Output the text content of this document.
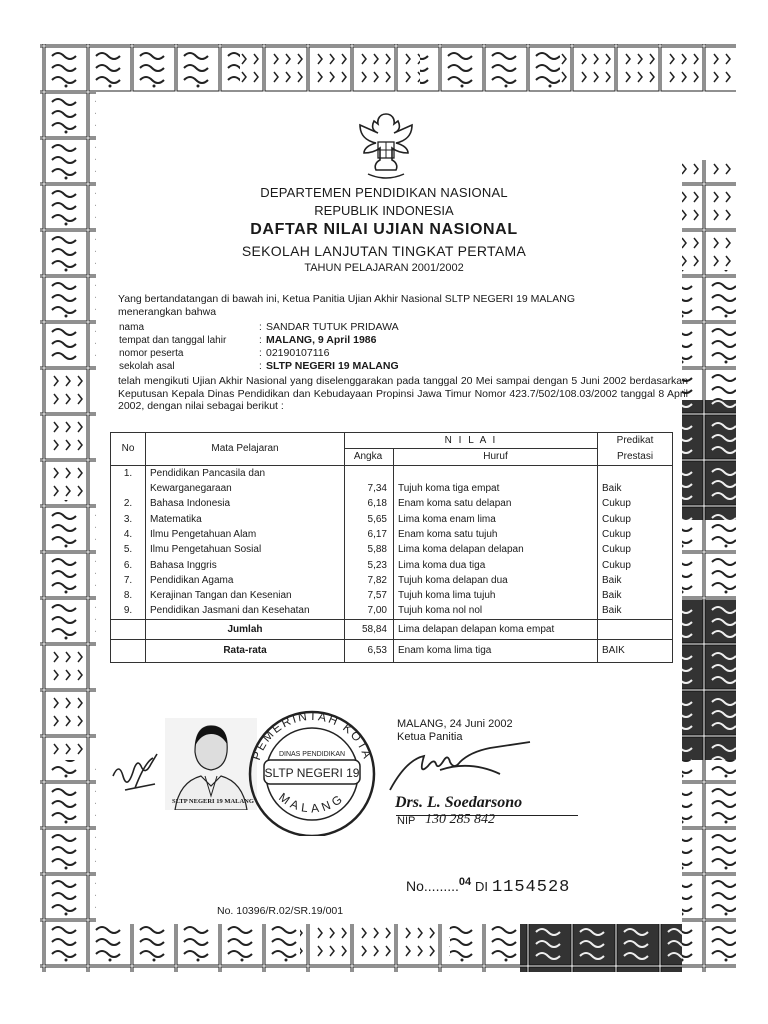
DEPARTEMEN PENDIDIKAN NASIONAL
REPUBLIK INDONESIA
DAFTAR NILAI UJIAN NASIONAL
SEKOLAH LANJUTAN TINGKAT PERTAMA
TAHUN PELAJARAN 2001/2002
Yang bertandatangan di bawah ini, Ketua Panitia Ujian Akhir Nasional SLTP NEGERI 19 MALANG
menerangkan bahwa
nama	: SANDAR TUTUK PRIDAWA
tempat dan tanggal lahir	: MALANG, 9 April 1986
nomor peserta	: 02190107116
sekolah asal	: SLTP NEGERI 19 MALANG
telah mengikuti Ujian Akhir Nasional yang diselenggarakan pada tanggal 20 Mei sampai dengan 5 Juni 2002 berdasarkan Keputusan Kepala Dinas Pendidikan dan Kebudayaan Propinsi Jawa Timur Nomor 423.7/502/108.03/2002 tanggal 8 April 2002, dengan nilai sebagai berikut :
No	Mata Pelajaran	N I L A I		Predikat
		Angka	Huruf	Prestasi
1.	Pendidikan Pancasila dan			
	Kewarganegaraan	7,34	Tujuh koma tiga empat	Baik
2.	Bahasa Indonesia	6,18	Enam koma satu delapan	Cukup
3.	Matematika	5,65	Lima koma enam lima	Cukup
4.	Ilmu Pengetahuan Alam	6,17	Enam koma satu tujuh	Cukup
5.	Ilmu Pengetahuan Sosial	5,88	Lima koma delapan delapan	Cukup
6.	Bahasa Inggris	5,23	Lima koma dua tiga	Cukup
7.	Pendidikan Agama	7,82	Tujuh koma delapan dua	Baik
8.	Kerajinan Tangan dan Kesenian	7,57	Tujuh koma lima tujuh	Baik
9.	Pendidikan Jasmani dan Kesehatan	7,00	Tujuh koma nol nol	Baik
	Jumlah	58,84	Lima delapan delapan koma empat	
	Rata-rata	6,53	Enam koma lima tiga	BAIK
SLTP NEGERI 19 MALANG
PEMERINTAH KOTA
MALANG
DINAS PENDIDIKAN
SLTP NEGERI 19
MALANG, 24 Juni 2002
Ketua Panitia
Drs. L. Soedarsono
NIP 130 285 842
No.........$^{04}$ DI 1154528
No. 10396/R.02/SR.19/001
